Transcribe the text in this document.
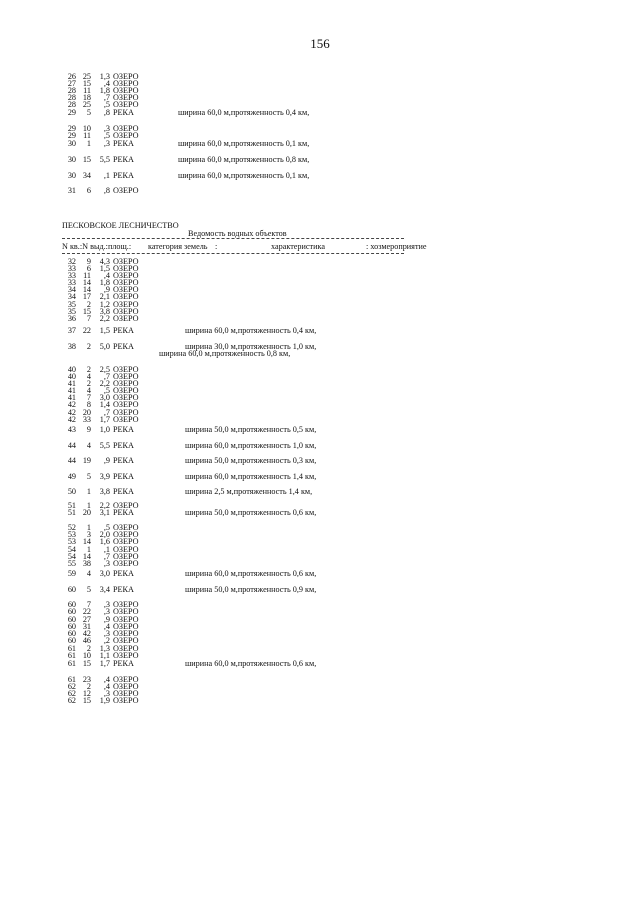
156
26 25	1,3 ОЗЕРО
27 15	,4 ОЗЕРО
28 11	1,8 ОЗЕРО
28 18	,7 ОЗЕРО
28 25	,5 ОЗЕРО
29	5	,8 РЕКА	ширина 60,0 м,протяженность 0,4 км,
29 10	,3 ОЗЕРО
29 11	,5 ОЗЕРО
30	1	,3 РЕКА	ширина 60,0 м,протяженность 0,1 км,
30 15	5,5 РЕКА	ширина 60,0 м,протяженность 0,8 км,
30 34	,1 РЕКА	ширина 60,0 м,протяженность 0,1 км,
31	6	,8 ОЗЕРО
ПЕСКОВСКОЕ ЛЕСНИЧЕСТВО
Ведомость водных объектов
N кв.:N выд.:площ.: категория земель :	характеристика	: хозмероприятие
32	9	4,3 ОЗЕРО
33	6	1,5 ОЗЕРО
33 11	,4 ОЗЕРО
33 14	1,8 ОЗЕРО
34 14	,9 ОЗЕРО
34 17	2,1 ОЗЕРО
35	2	1,2 ОЗЕРО
35 15	3,8 ОЗЕРО
36	7	2,2 ОЗЕРО
37 22	1,5 РЕКА	ширина 60,0 м,протяженность 0,4 км,
38	2	5,0 РЕКА	ширина 30,0 м,протяженность 1,0 км,
ширина 60,0 м,протяженность 0,8 км,
40	2	2,5 ОЗЕРО
40	4	,7 ОЗЕРО
41	2	2,2 ОЗЕРО
41	4	,5 ОЗЕРО
41	7	3,0 ОЗЕРО
42	8	1,4 ОЗЕРО
42 20	,7 ОЗЕРО
42 33	1,7 ОЗЕРО
43	9	1,0 РЕКА	ширина 50,0 м,протяженность 0,5 км,
44	4	5,5 РЕКА	ширина 60,0 м,протяженность 1,0 км,
44 19	,9 РЕКА	ширина 50,0 м,протяженность 0,3 км,
49	5	3,9 РЕКА	ширина 60,0 м,протяженность 1,4 км,
50	1	3,8 РЕКА	ширина 2,5 м,протяженность 1,4 км,
51	1	2,2 ОЗЕРО
51 20	3,1 РЕКА	ширина 50,0 м,протяженность 0,6 км,
52	1	,5 ОЗЕРО
53	3	2,0 ОЗЕРО
53 14	1,6 ОЗЕРО
54	1	,1 ОЗЕРО
54 14	,7 ОЗЕРО
55 38	,3 ОЗЕРО
59	4	3,0 РЕКА	ширина 60,0 м,протяженность 0,6 км,
60	5	3,4 РЕКА	ширина 50,0 м,протяженность 0,9 км,
60	7	,3 ОЗЕРО
60 22	,3 ОЗЕРО
60 27	,9 ОЗЕРО
60 31	,4 ОЗЕРО
60 42	,3 ОЗЕРО
60 46	,2 ОЗЕРО
61	2	1,3 ОЗЕРО
61 10	1,1 ОЗЕРО
61 15	1,7 РЕКА	ширина 60,0 м,протяженность 0,6 км,
61 23	,4 ОЗЕРО
62	2	,4 ОЗЕРО
62 12	,3 ОЗЕРО
62 15	1,9 ОЗЕРО
